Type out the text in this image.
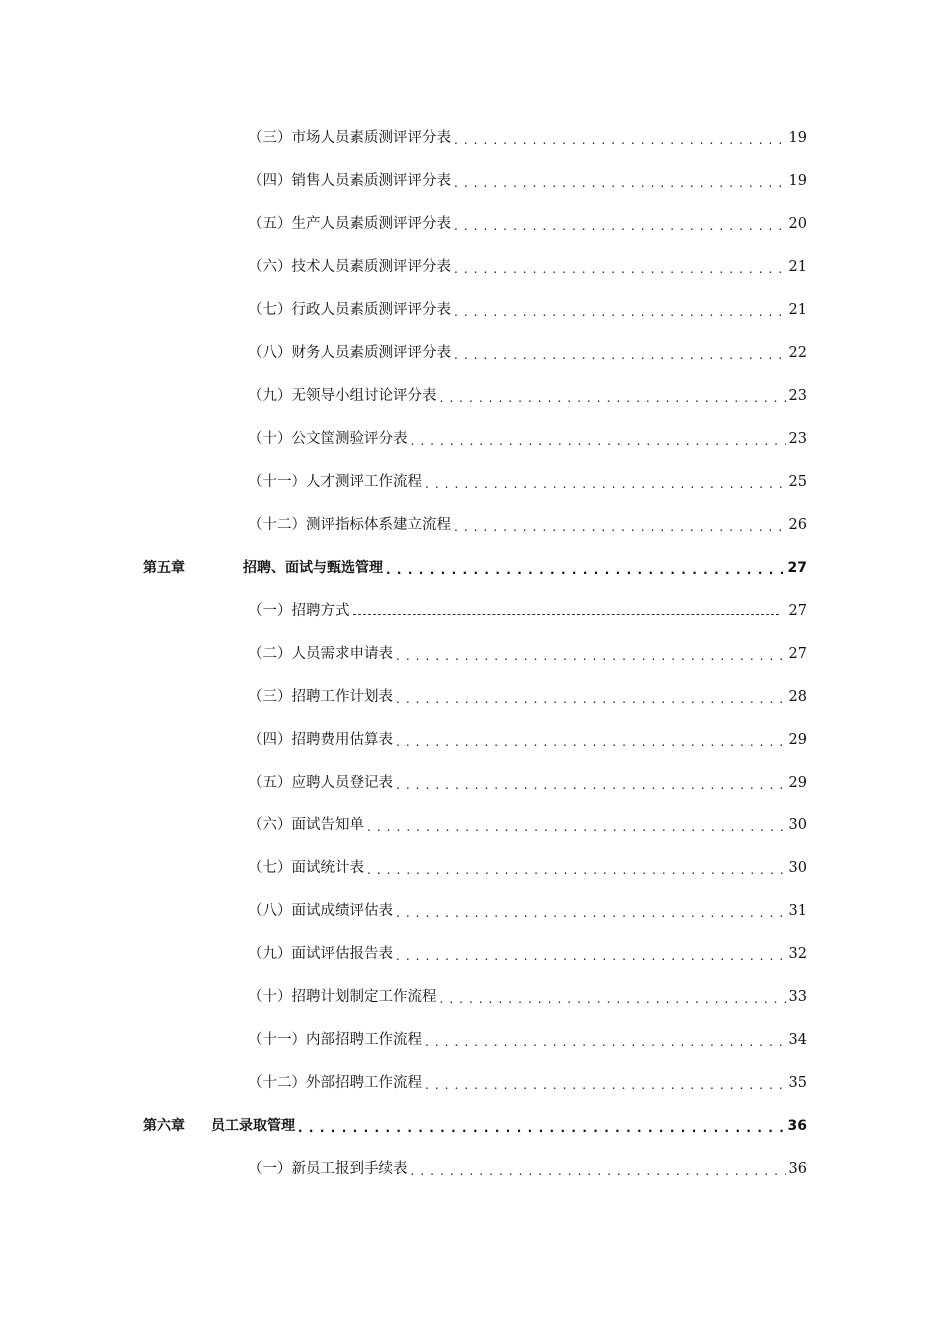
（三）市场人员素质测评评分表 . . .	19
（四）销售人员素质测评评分表 . . .	19
（五）生产人员素质测评评分表 . . .	20
（六）技术人员素质测评评分表 . . .	21
（七）行政人员素质测评评分表 . . .	21
（八）财务人员素质测评评分表 . . .	22
（九）无领导小组讨论评分表 . . .	23
（十）公文筐测验评分表 . . .	23
（十一）人才测评工作流程 . . .	25
（十二）测评指标体系建立流程 . . .	26
第五章	招聘、面试与甄选管理 . . .	27
（一）招聘方式	27
（二）人员需求申请表 . . .	27
（三）招聘工作计划表 . . .	28
（四）招聘费用估算表 . . .	29
（五）应聘人员登记表 . . .	29
（六）面试告知单 . . .	30
（七）面试统计表 . . .	30
（八）面试成绩评估表 . . .	31
（九）面试评估报告表 . . .	32
（十）招聘计划制定工作流程 . . .	33
（十一）内部招聘工作流程 . . .	34
（十二）外部招聘工作流程 . . .	35
第六章	员工录取管理 . . .	36
（一）新员工报到手续表 . . .	36
